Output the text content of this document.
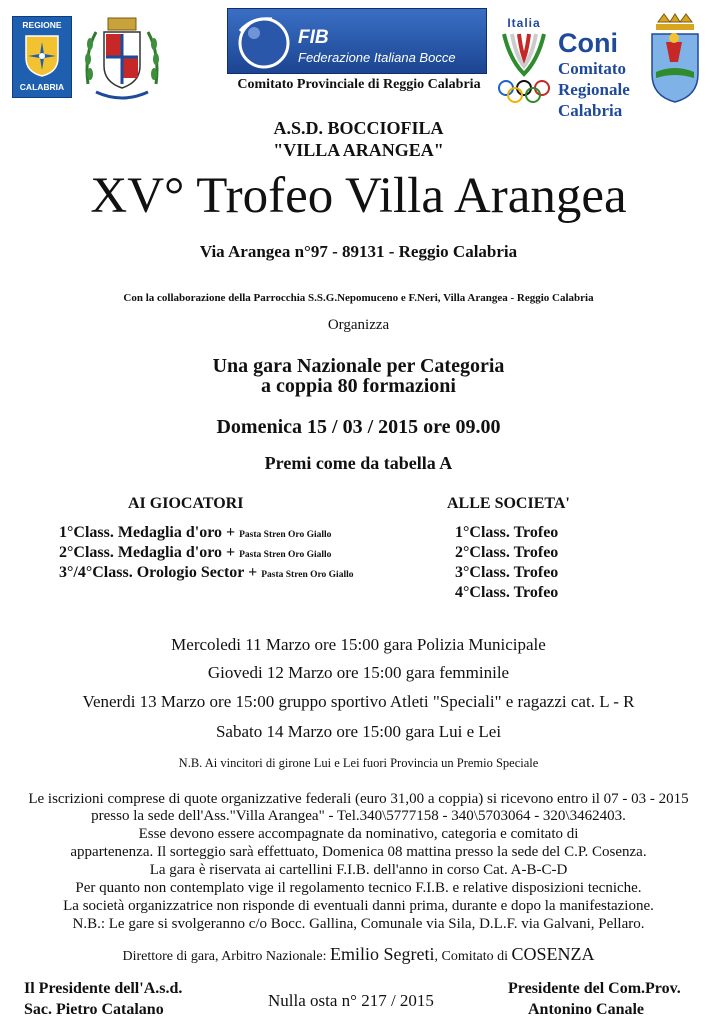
REGIONE
CALABRIA
FIB
Federazione Italiana Bocce
Comitato Provinciale di Reggio Calabria
Italia
Coni
Comitato
Regionale
Calabria
A.S.D. BOCCIOFILA
"VILLA ARANGEA"
XV° Trofeo Villa Arangea
Via Arangea n°97 - 89131 - Reggio Calabria
Con la collaborazione della Parrocchia S.S.G.Nepomuceno e F.Neri, Villa Arangea - Reggio Calabria
Organizza
Una gara Nazionale per Categoria
a coppia 80 formazioni
Domenica 15 / 03 / 2015 ore 09.00
Premi come da tabella A
AI GIOCATORI	ALLE SOCIETA'
1°Class. Medaglia d'oro + Pasta Stren Oro Giallo
2°Class. Medaglia d'oro + Pasta Stren Oro Giallo
3°/4°Class. Orologio Sector + Pasta Stren Oro Giallo
1°Class. Trofeo
2°Class. Trofeo
3°Class. Trofeo
4°Class. Trofeo
Mercoledi 11 Marzo ore 15:00 gara Polizia Municipale
Giovedi 12 Marzo ore 15:00 gara femminile
Venerdi 13 Marzo ore 15:00 gruppo sportivo Atleti "Speciali" e ragazzi cat. L - R
Sabato 14 Marzo ore 15:00 gara Lui e Lei
N.B. Ai vincitori di girone Lui e Lei fuori Provincia un Premio Speciale
Le iscrizioni comprese di quote organizzative federali (euro 31,00 a coppia) si ricevono entro il 07 - 03 - 2015
presso la sede dell'Ass."Villa Arangea" - Tel.340\5777158 - 340\5703064 - 320\3462403.
Esse devono essere accompagnate da nominativo, categoria e comitato di
appartenenza. Il sorteggio sarà effettuato, Domenica 08 mattina presso la sede del C.P. Cosenza.
La gara è riservata ai cartellini F.I.B. dell'anno in corso Cat. A-B-C-D
Per quanto non contemplato vige il regolamento tecnico F.I.B. e relative disposizioni tecniche.
La società organizzatrice non risponde di eventuali danni prima, durante e dopo la manifestazione.
N.B.: Le gare si svolgeranno c/o Bocc. Gallina, Comunale via Sila, D.L.F. via Galvani, Pellaro.
Direttore di gara, Arbitro Nazionale: Emilio Segreti, Comitato di COSENZA
Il Presidente dell'A.s.d.
Sac. Pietro Catalano	Nulla osta n° 217 / 2015
Presidente del Com.Prov.
Antonino Canale
